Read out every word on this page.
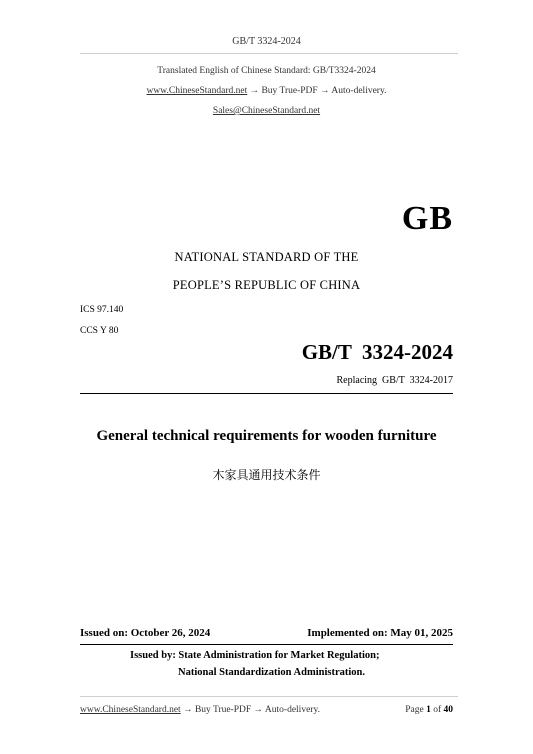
GB/T 3324-2024
Translated English of Chinese Standard: GB/T3324-2024
www.ChineseStandard.net → Buy True-PDF → Auto-delivery.
Sales@ChineseStandard.net
GB
NATIONAL STANDARD OF THE
PEOPLE’S REPUBLIC OF CHINA
ICS 97.140
CCS Y 80
GB/T  3324-2024
Replacing  GB/T  3324-2017
General technical requirements for wooden furniture
木家具通用技术条件
Issued on: October 26, 2024	Implemented on: May 01, 2025
Issued by: State Administration for Market Regulation;
National Standardization Administration.
www.ChineseStandard.net → Buy True-PDF → Auto-delivery.	Page 1 of 40
